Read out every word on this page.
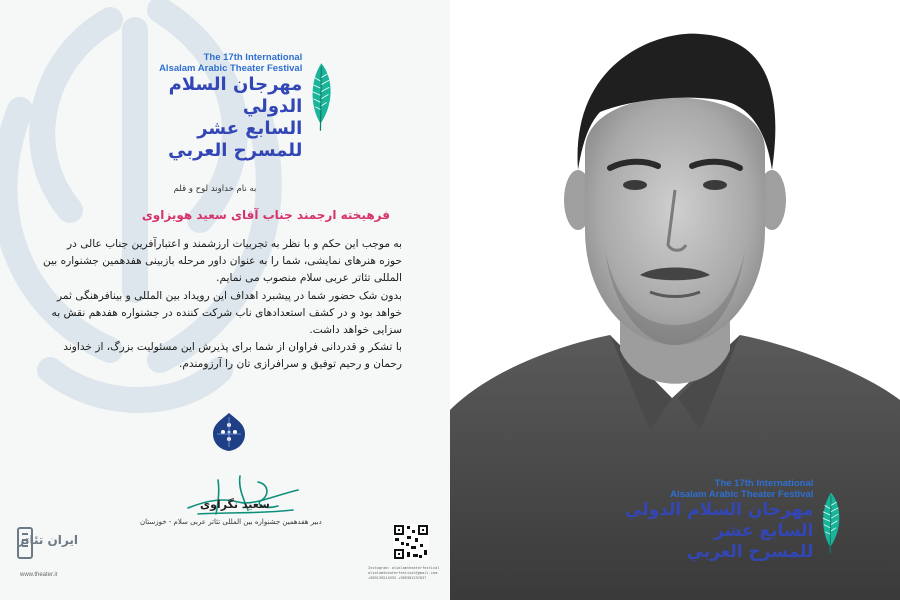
The 17th International
Alsalam Arabic Theater Festival
مهرجان السلام الدولي
السابع عشر
للمسرح العربي
به نام خداوند لوح و قلم
فرهیخته ارجمند جناب آقای سعید هویزاوی

به موجب این حکم و با نظر به تجربیات ارزشمند و اعتبارآفرین جناب عالی در حوزه هنرهای نمایشی، شما را به عنوان داور مرحله بازبینی هفدهمین جشنواره بین المللی تئاتر عربی سلام منصوب می نمایم.

بدون شک حضور شما در پیشبرد اهداف این رویداد بین المللی و بینافرهنگی ثمر خواهد بود و در کشف استعدادهای ناب شرکت کننده در جشنواره هفدهم نقش به سزایی خواهد داشت.

با تشکر و قدردانی فراوان از شما برای پذیرش این مسئولیت بزرگ، از خداوند رحمان و رحیم توفیق و سرافرازی تان را آرزومندم.

سعید نگراوی
دبیر هفدهمین جشنواره بین المللی تئاتر عربی سلام - خوزستان
Instagram: alsalamtheaterfestival
alsalamtheaterfestival@gmail.com
+989139514935 +989381297837
ایران تئاتر
www.theater.ir
The 17th International
Alsalam Arabic Theater Festival
مهرجان السلام الدولي
السابع عشر
للمسرح العربي
